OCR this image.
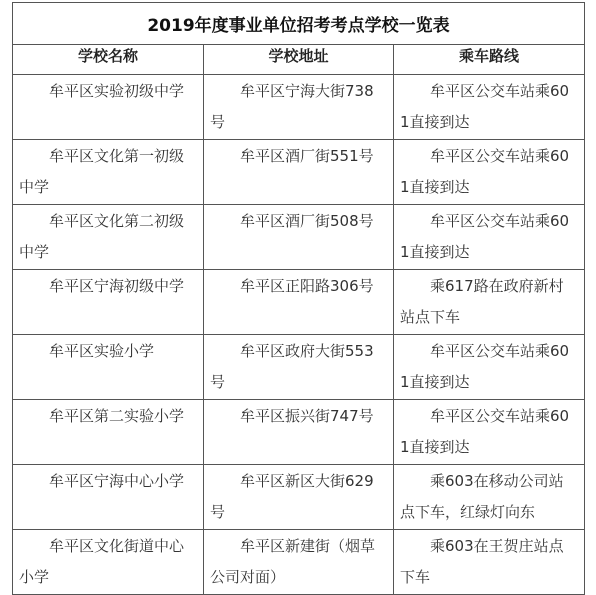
2019年度事业单位招考考点学校一览表		
学校名称	学校地址	乘车路线
牟平区实验初级中学	牟平区宁海大街738号	牟平区公交车站乘601直接到达
牟平区文化第一初级中学	牟平区酒厂街551号	牟平区公交车站乘601直接到达
牟平区文化第二初级中学	牟平区酒厂街508号	牟平区公交车站乘601直接到达
牟平区宁海初级中学	牟平区正阳路306号	乘617路在政府新村站点下车
牟平区实验小学	牟平区政府大街553号	牟平区公交车站乘601直接到达
牟平区第二实验小学	牟平区振兴街747号	牟平区公交车站乘601直接到达
牟平区宁海中心小学	牟平区新区大街629号	乘603在移动公司站点下车，红绿灯向东
牟平区文化街道中心小学	牟平区新建街（烟草公司对面）	乘603在王贺庄站点下车
